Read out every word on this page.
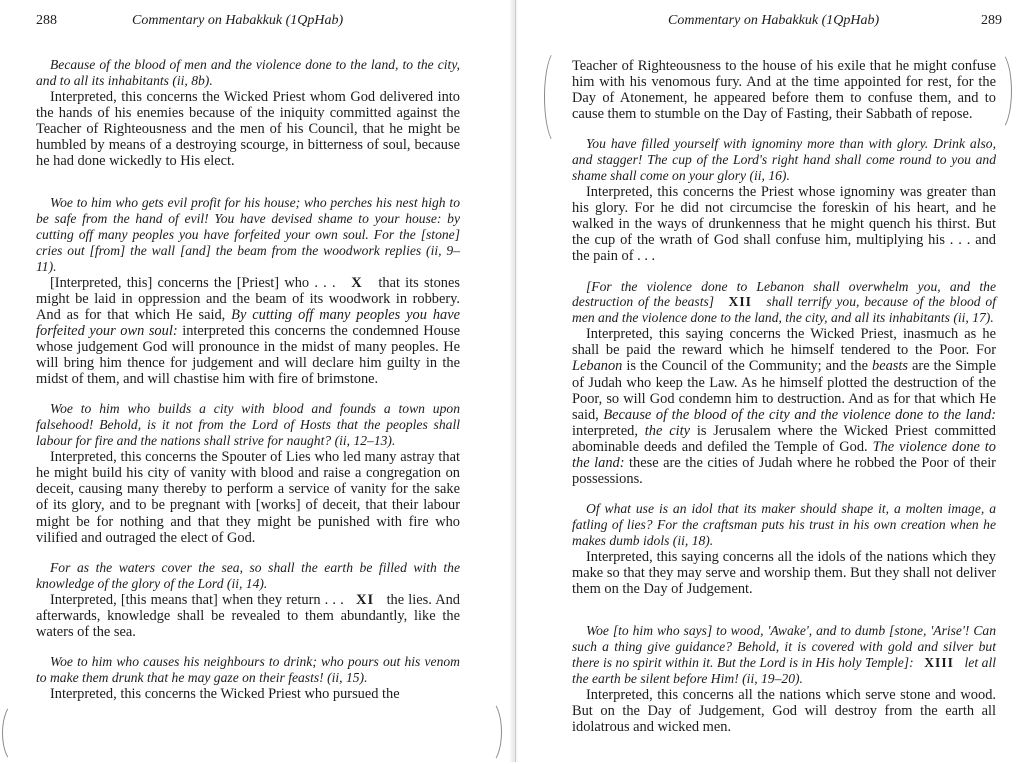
288	Commentary on Habakkuk (1QpHab)

Because of the blood of men and the violence done to the land, to the city, and to all its inhabitants (ii, 8b).

Interpreted, this concerns the Wicked Priest whom God delivered into the hands of his enemies because of the iniquity committed against the Teacher of Righteousness and the men of his Council, that he might be humbled by means of a destroying scourge, in bitterness of soul, because he had done wickedly to His elect.

Woe to him who gets evil profit for his house; who perches his nest high to be safe from the hand of evil! You have devised shame to your house: by cutting off many peoples you have forfeited your own soul. For the [stone] cries out [from] the wall [and] the beam from the woodwork replies (ii, 9–11).

[Interpreted, this] concerns the [Priest] who . . . X that its stones might be laid in oppression and the beam of its woodwork in robbery. And as for that which He said, By cutting off many peoples you have forfeited your own soul: interpreted this concerns the condemned House whose judgement God will pronounce in the midst of many peoples. He will bring him thence for judgement and will declare him guilty in the midst of them, and will chastise him with fire of brimstone.

Woe to him who builds a city with blood and founds a town upon falsehood! Behold, is it not from the Lord of Hosts that the peoples shall labour for fire and the nations shall strive for naught? (ii, 12–13).

Interpreted, this concerns the Spouter of Lies who led many astray that he might build his city of vanity with blood and raise a congregation on deceit, causing many thereby to perform a service of vanity for the sake of its glory, and to be pregnant with [works] of deceit, that their labour might be for nothing and that they might be punished with fire who vilified and outraged the elect of God.

For as the waters cover the sea, so shall the earth be filled with the knowledge of the glory of the Lord (ii, 14).

Interpreted, [this means that] when they return . . . XI the lies. And afterwards, knowledge shall be revealed to them abundantly, like the waters of the sea.

Woe to him who causes his neighbours to drink; who pours out his venom to make them drunk that he may gaze on their feasts! (ii, 15).

Interpreted, this concerns the Wicked Priest who pursued the

Commentary on Habakkuk (1QpHab)	289

Teacher of Righteousness to the house of his exile that he might confuse him with his venomous fury. And at the time appointed for rest, for the Day of Atonement, he appeared before them to confuse them, and to cause them to stumble on the Day of Fasting, their Sabbath of repose.

You have filled yourself with ignominy more than with glory. Drink also, and stagger! The cup of the Lord's right hand shall come round to you and shame shall come on your glory (ii, 16).

Interpreted, this concerns the Priest whose ignominy was greater than his glory. For he did not circumcise the foreskin of his heart, and he walked in the ways of drunkenness that he might quench his thirst. But the cup of the wrath of God shall confuse him, multiplying his . . . and the pain of . . .

[For the violence done to Lebanon shall overwhelm you, and the destruction of the beasts] XII shall terrify you, because of the blood of men and the violence done to the land, the city, and all its inhabitants (ii, 17).

Interpreted, this saying concerns the Wicked Priest, inasmuch as he shall be paid the reward which he himself tendered to the Poor. For Lebanon is the Council of the Community; and the beasts are the Simple of Judah who keep the Law. As he himself plotted the destruction of the Poor, so will God condemn him to destruction. And as for that which He said, Because of the blood of the city and the violence done to the land: interpreted, the city is Jerusalem where the Wicked Priest committed abominable deeds and defiled the Temple of God. The violence done to the land: these are the cities of Judah where he robbed the Poor of their possessions.

Of what use is an idol that its maker should shape it, a molten image, a fatling of lies? For the craftsman puts his trust in his own creation when he makes dumb idols (ii, 18).

Interpreted, this saying concerns all the idols of the nations which they make so that they may serve and worship them. But they shall not deliver them on the Day of Judgement.

Woe [to him who says] to wood, 'Awake', and to dumb [stone, 'Arise'! Can such a thing give guidance? Behold, it is covered with gold and silver but there is no spirit within it. But the Lord is in His holy Temple]: XIII let all the earth be silent before Him! (ii, 19–20).

Interpreted, this concerns all the nations which serve stone and wood. But on the Day of Judgement, God will destroy from the earth all idolatrous and wicked men.
